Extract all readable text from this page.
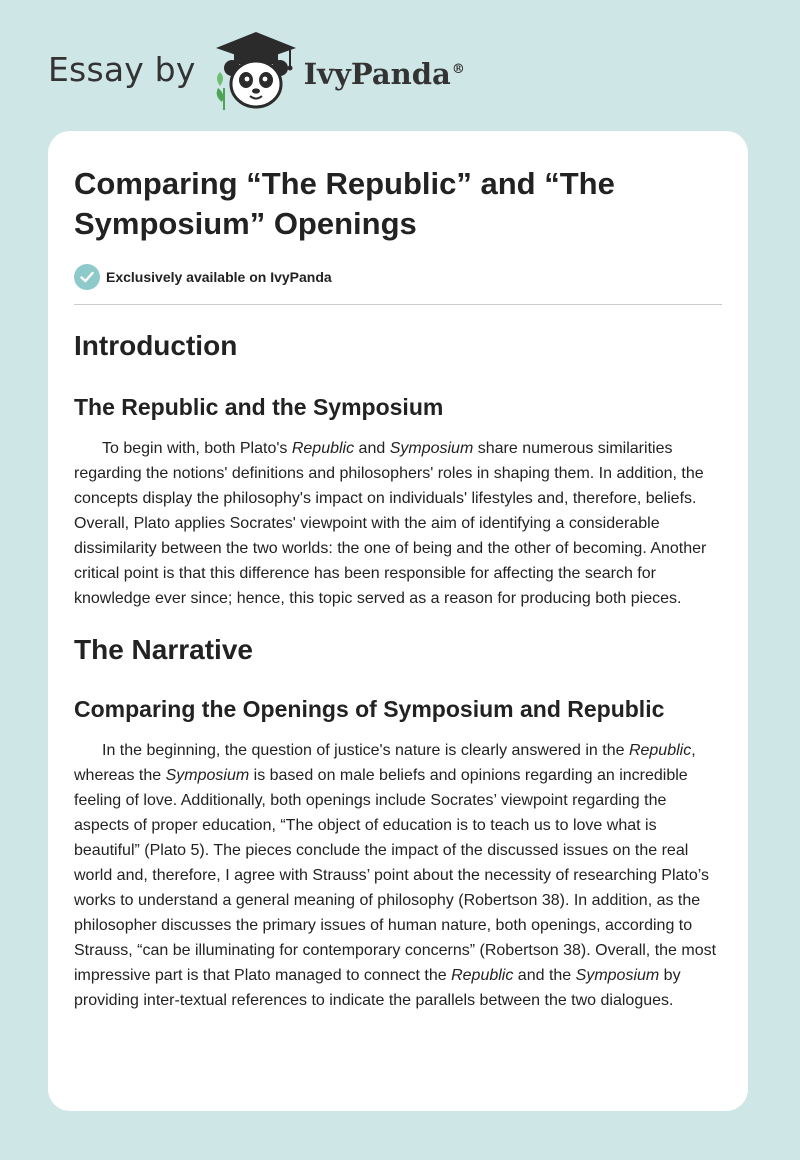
Essay by	IvyPanda®
Comparing “The Republic” and “The Symposium” Openings
Exclusively available on IvyPanda
Introduction
The Republic and the Symposium

To begin with, both Plato's Republic and Symposium share numerous similarities regarding the notions' definitions and philosophers' roles in shaping them. In addition, the concepts display the philosophy's impact on individuals' lifestyles and, therefore, beliefs. Overall, Plato applies Socrates' viewpoint with the aim of identifying a considerable dissimilarity between the two worlds: the one of being and the other of becoming. Another critical point is that this difference has been responsible for affecting the search for knowledge ever since; hence, this topic served as a reason for producing both pieces.

The Narrative
Comparing the Openings of Symposium and Republic

In the beginning, the question of justice's nature is clearly answered in the Republic, whereas the Symposium is based on male beliefs and opinions regarding an incredible feeling of love. Additionally, both openings include Socrates’ viewpoint regarding the aspects of proper education, “The object of education is to teach us to love what is beautiful” (Plato 5). The pieces conclude the impact of the discussed issues on the real world and, therefore, I agree with Strauss’ point about the necessity of researching Plato’s works to understand a general meaning of philosophy (Robertson 38). In addition, as the philosopher discusses the primary issues of human nature, both openings, according to Strauss, “can be illuminating for contemporary concerns” (Robertson 38). Overall, the most impressive part is that Plato managed to connect the Republic and the Symposium by providing inter-textual references to indicate the parallels between the two dialogues.
